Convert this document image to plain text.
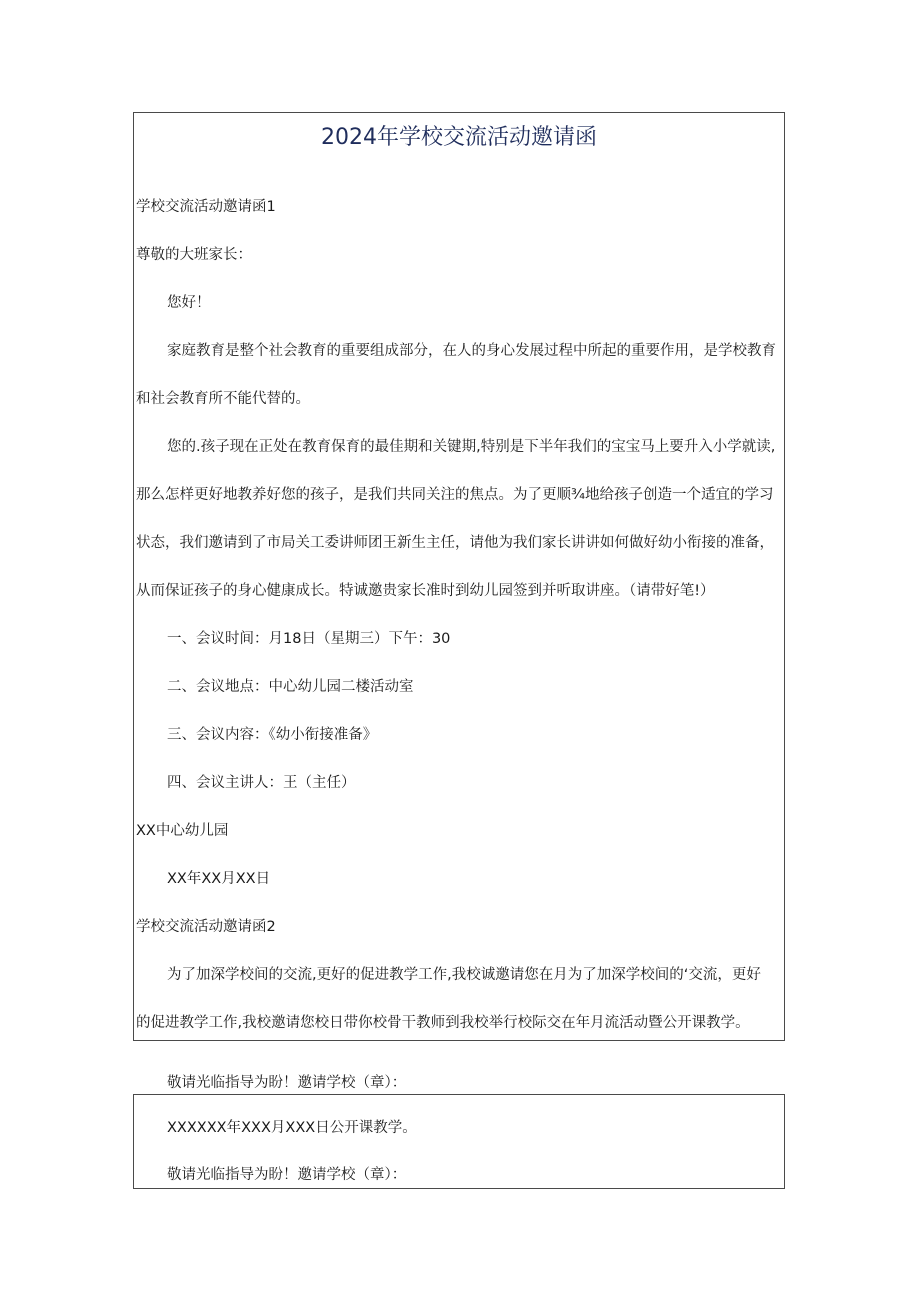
2024年学校交流活动邀请函
学校交流活动邀请函1
尊敬的大班家长：
您好！
家庭教育是整个社会教育的重要组成部分，在人的身心发展过程中所起的重要作用，是学校教育
和社会教育所不能代替的。
您的.孩子现在正处在教育保育的最佳期和关键期,特别是下半年我们的宝宝马上要升入小学就读,
那么怎样更好地教养好您的孩子，是我们共同关注的焦点。为了更顺¾地给孩子创造一个适宜的学习
状态，我们邀请到了市局关工委讲师团王新生主任，请他为我们家长讲讲如何做好幼小衔接的准备，
从而保证孩子的身心健康成长。特诚邀贵家长准时到幼儿园签到并听取讲座。（请带好笔!）
一、会议时间：月18日（星期三）下午：30
二、会议地点：中心幼儿园二楼活动室
三、会议内容：《幼小衔接准备》
四、会议主讲人：王（主任）
XX中心幼儿园
XX年XX月XX日
学校交流活动邀请函2
为了加深学校间的交流,更好的促进教学工作,我校诚邀请您在月为了加深学校间的‘交流，更好
的促进教学工作,我校邀请您校日带你校骨干教师到我校举行校际交在年月流活动暨公开课教学。
敬请光临指导为盼！邀请学校（章）：
XXXXXX年XXX月XXX日公开课教学。
敬请光临指导为盼！邀请学校（章）：
